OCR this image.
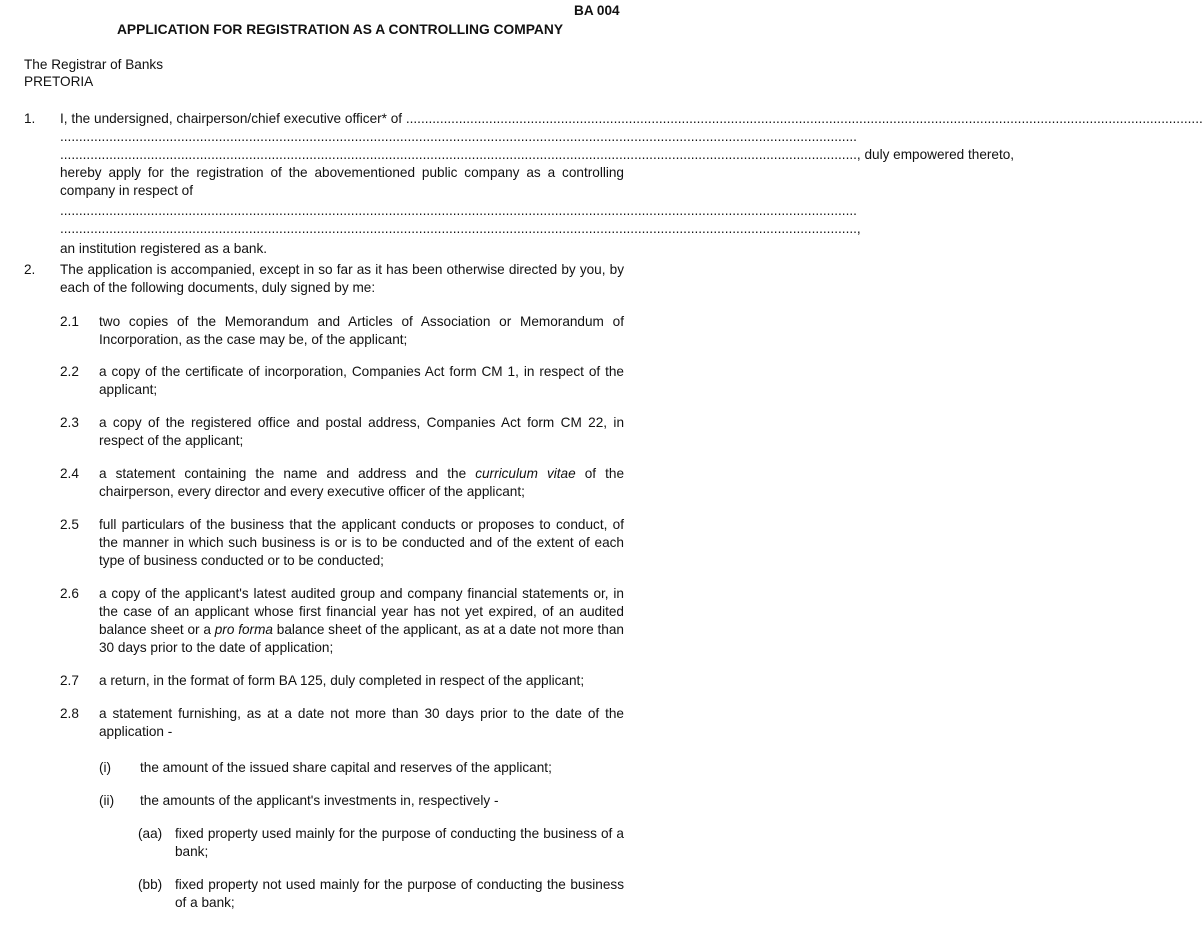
BA 004
APPLICATION FOR REGISTRATION AS A CONTROLLING COMPANY
The Registrar of Banks
PRETORIA
1. I, the undersigned, chairperson/chief executive officer* of ...................................................................................................................................................................................................................
...................................................................................................................................................................................................................
................................................................................................................................................................................................................... , duly empowered thereto,
hereby apply for the registration of the abovementioned public company as a controlling company in respect of
...................................................................................................................................................................................................................
................................................................................................................................................................................................................... ,
an institution registered as a bank.
2. The application is accompanied, except in so far as it has been otherwise directed by you, by each of the following documents, duly signed by me:
2.1	two copies of the Memorandum and Articles of Association or Memorandum of Incorporation, as the case may be, of the applicant;
2.2	a copy of the certificate of incorporation, Companies Act form CM 1, in respect of the applicant;
2.3	a copy of the registered office and postal address, Companies Act form CM 22, in respect of the applicant;
2.4	a statement containing the name and address and the curriculum vitae of the chairperson, every director and every executive officer of the applicant;
2.5	full particulars of the business that the applicant conducts or proposes to conduct, of the manner in which such business is or is to be conducted and of the extent of each type of business conducted or to be conducted;
2.6	a copy of the applicant's latest audited group and company financial statements or, in the case of an applicant whose first financial year has not yet expired, of an audited balance sheet or a pro forma balance sheet of the applicant, as at a date not more than 30 days prior to the date of application;
2.7	a return, in the format of form BA 125, duly completed in respect of the applicant;
2.8	a statement furnishing, as at a date not more than 30 days prior to the date of the application -
(i)	the amount of the issued share capital and reserves of the applicant;
(ii)	the amounts of the applicant's investments in, respectively -
(aa) fixed property used mainly for the purpose of conducting the business of a bank;
(bb) fixed property not used mainly for the purpose of conducting the business of a bank;
